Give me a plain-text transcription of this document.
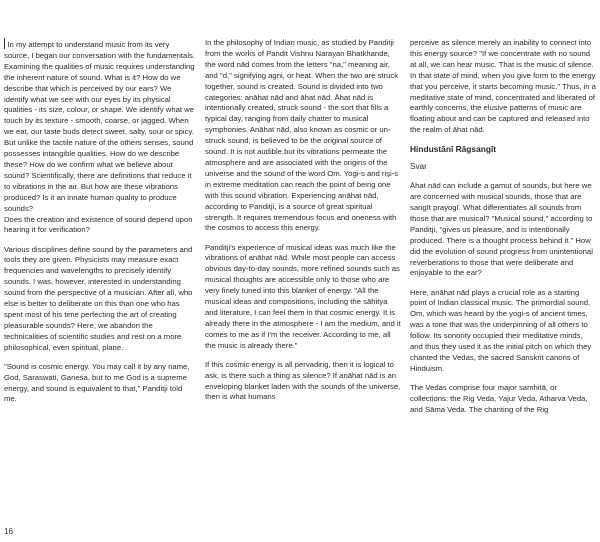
In my attempt to understand music from its very source, I began our conversation with the fundamentals. Examining the qualities of music requires understanding the inherent nature of sound. What is it? How do we describe that which is perceived by our ears? We identify what we see with our eyes by its physical qualities - its size, colour, or shape. We identify what we touch by its texture - smooth, coarse, or jagged. When we eat, our taste buds detect sweet, salty, sour or spicy. But unlike the tactile nature of the others senses, sound possesses intangible qualities. How do we describe these? How do we confirm what we believe about sound? Scientifically, there are definitions that reduce it to vibrations in the air. But how are these vibrations produced? Is it an innate human quality to produce sounds?

Does the creation and existence of sound depend upon hearing it for verification?

Various disciplines define sound by the parameters and tools they are given. Physicists may measure exact frequencies and wavelengths to precisely identify sounds. I was, however, interested in understanding sound from the perspective of a musician. After all, who else is better to deliberate on this than one who has spent most of his time perfecting the art of creating pleasurable sounds? Here, we abandon the technicalities of scientific studies and rest on a more philosophical, even spiritual, plane.

"Sound is cosmic energy. You may call it by any name, God, Saraswati, Ganeśa, but to me God is a supreme energy, and sound is equivalent to that," Panditji told me.

In the philosophy of Indian music, as studied by Panditji from the works of Pandit Vishnu Narayan Bhatkhande, the word nād comes from the letters "na," meaning air, and "d," signifying agni, or heat. When the two are struck together, sound is created. Sound is divided into two categories: anāhat nād and āhat nād. Āhat nād is intentionally created, struck sound - the sort that fills a typical day, ranging from daily chatter to musical symphonies. Anāhat nād, also known as cosmic or un-struck sound, is believed to be the original source of sound. It is not audible,but its vibrations permeate the atmosphere and are associated with the origins of the universe and the sound of the word Om. Yogi-s and rişi-s in extreme meditation can reach the point of being one with this sound vibration. Experiencing anāhat nād, according to Panditji, is a source of great spiritual strength. It requires tremendous focus and oneness with the cosmos to access this energy.

Panditji's experience of musical ideas was much like the vibrations of anāhat nād. While most people can access obvious day-to-day sounds, more refined sounds such as musical thoughts are accessible only to those who are very finely tuned into this blanket of energy. "All the musical ideas and compositions, including the sāhitya and literature, I can feel them in that cosmic energy. It is already there in the atmosphere - I am the medium, and it comes to me as if I'm the receiver. According to me, all the music is already there."

If this cosmic energy is all pervading, then it is logical to ask, is there such a thing as silence? If anāhat nād is an enveloping blanket laden with the sounds of the universe, then is what humans

perceive as silence merely an inability to connect into this energy source? "If we concentrate with no sound at all, we can hear music. That is the music of silence. In that state of mind, when you give form to the energy that you perceive, it starts becoming music." Thus, in a meditative state of mind, concentrated and liberated of earthly concerns, the elusive patterns of music are floating about and can be captured and released into the realm of āhat nād.

Hindustānī Rāgsangīt
Svar

Āhat nād can include a gamut of sounds, but here we are concerned with musical sounds, those that are sangīt prayogī. What differentiates all sounds from those that are musical? "Musical sound," according to Panditji, "gives us pleasure, and is intentionally produced. There is a thought process behind it." How did the evolution of sound progress from unintentional reverberations to those that were deliberate and enjoyable to the ear?

Here, anāhat nād plays a crucial role as a starting point of Indian classical music. The primordial sound, Om, which was heard by the yogi-s of ancient times, was a tone that was the underpinning of all others to follow. Its sonority occupied their meditative minds, and thus they used it as the initial pitch on which they chanted the Vedas, the sacred Sanskrit canons of Hinduism.

The Vedas comprise four major samhitā, or collections: the Rig Veda, Yajur Veda, Atharva Veda, and Sāma Veda. The chanting of the Rig

16
